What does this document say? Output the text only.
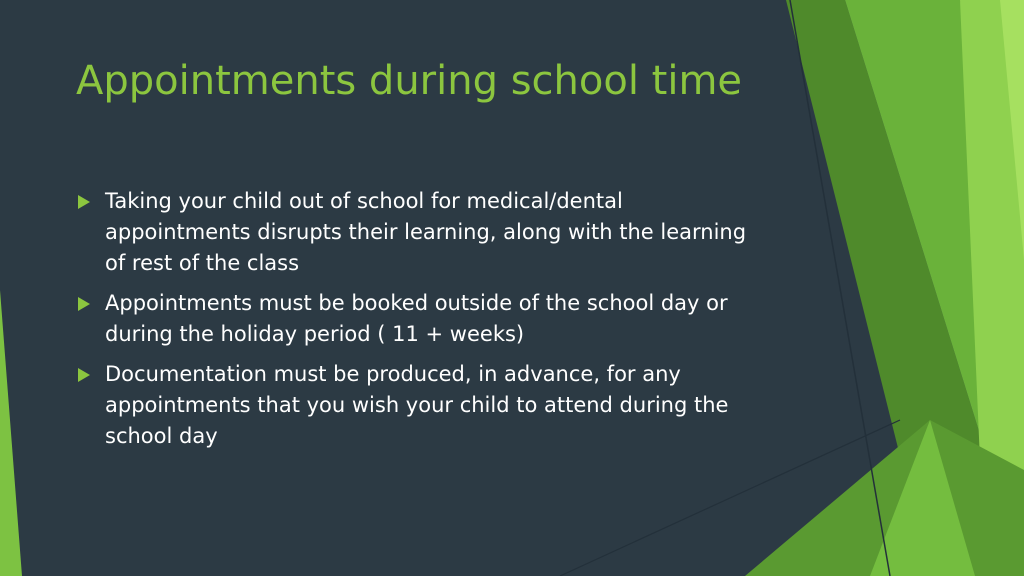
Appointments during school time
Taking your child out of school for medical/dental appointments disrupts their learning, along with the learning of rest of the class
Appointments must be booked outside of the school day or during the holiday period ( 11 + weeks)
Documentation must be produced, in advance, for any appointments that you wish your child to attend during the school day
